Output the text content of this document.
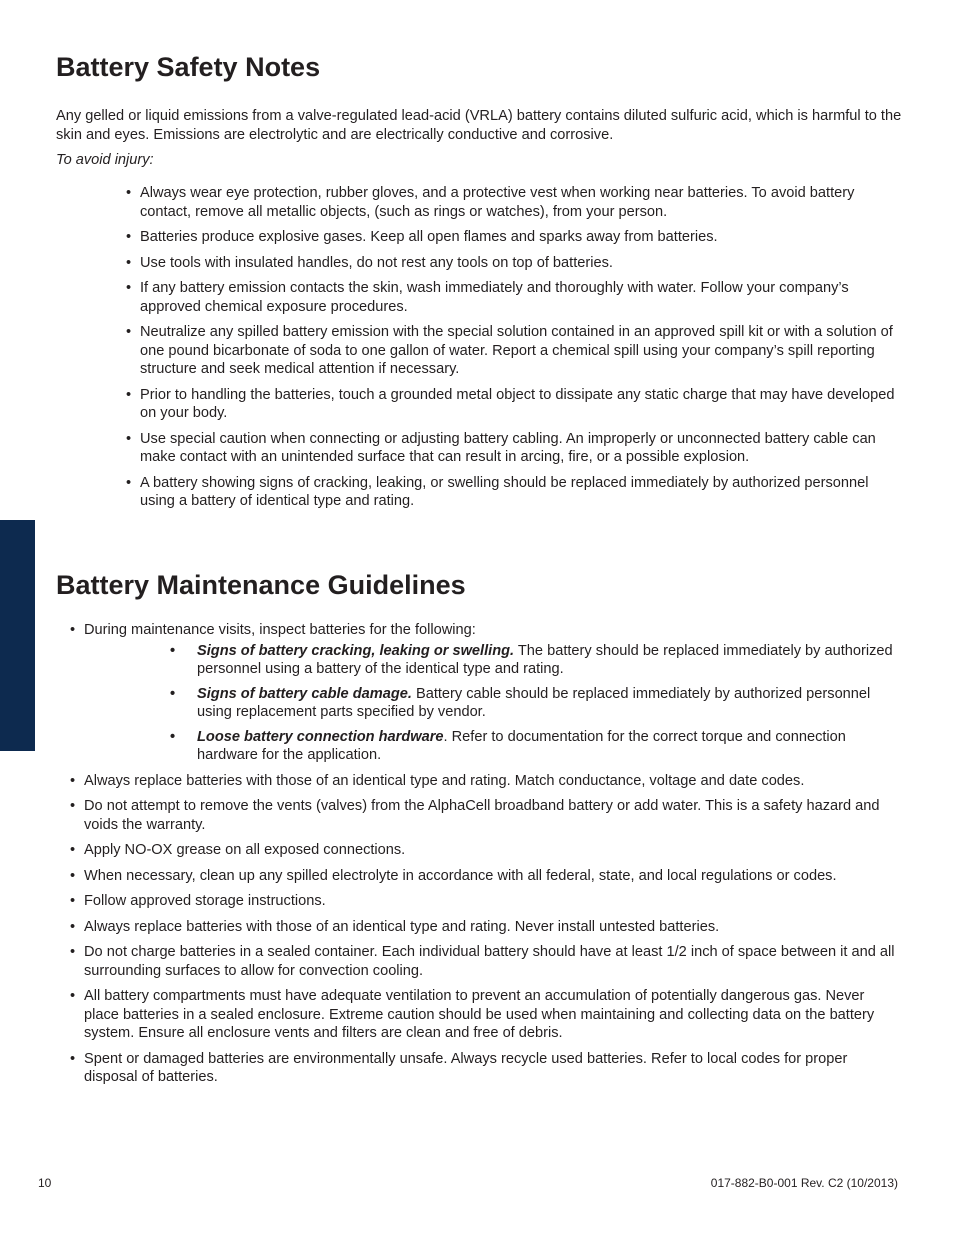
Battery Safety Notes

Any gelled or liquid emissions from a valve-regulated lead-acid (VRLA) battery contains diluted sulfuric acid, which is harmful to the skin and eyes. Emissions are electrolytic and are electrically conductive and corrosive.

To avoid injury:

• Always wear eye protection, rubber gloves, and a protective vest when working near batteries. To avoid battery contact, remove all metallic objects, (such as rings or watches), from your person.
• Batteries produce explosive gases. Keep all open flames and sparks away from batteries.
• Use tools with insulated handles, do not rest any tools on top of batteries.
• If any battery emission contacts the skin, wash immediately and thoroughly with water. Follow your company’s approved chemical exposure procedures.
• Neutralize any spilled battery emission with the special solution contained in an approved spill kit or with a solution of one pound bicarbonate of soda to one gallon of water. Report a chemical spill using your company’s spill reporting structure and seek medical attention if necessary.
• Prior to handling the batteries, touch a grounded metal object to dissipate any static charge that may have developed on your body.
• Use special caution when connecting or adjusting battery cabling. An improperly or unconnected battery cable can make contact with an unintended surface that can result in arcing, fire, or a possible explosion.
• A battery showing signs of cracking, leaking, or swelling should be replaced immediately by authorized personnel using a battery of identical type and rating.
Battery Maintenance Guidelines
• During maintenance visits, inspect batteries for the following:
• Signs of battery cracking, leaking or swelling. The battery should be replaced immediately by authorized personnel using a battery of the identical type and rating.
• Signs of battery cable damage. Battery cable should be replaced immediately by authorized personnel using replacement parts specified by vendor.
• Loose battery connection hardware. Refer to documentation for the correct torque and connection hardware for the application.
• Always replace batteries with those of an identical type and rating. Match conductance, voltage and date codes.
• Do not attempt to remove the vents (valves) from the AlphaCell broadband battery or add water. This is a safety hazard and voids the warranty.
• Apply NO-OX grease on all exposed connections.
• When necessary, clean up any spilled electrolyte in accordance with all federal, state, and local regulations or codes.
• Follow approved storage instructions.
• Always replace batteries with those of an identical type and rating. Never install untested batteries.
• Do not charge batteries in a sealed container. Each individual battery should have at least 1/2 inch of space between it and all surrounding surfaces to allow for convection cooling.
• All battery compartments must have adequate ventilation to prevent an accumulation of potentially dangerous gas. Never place batteries in a sealed enclosure. Extreme caution should be used when maintaining and collecting data on the battery system. Ensure all enclosure vents and filters are clean and free of debris.
• Spent or damaged batteries are environmentally unsafe. Always recycle used batteries. Refer to local codes for proper disposal of batteries.
10	017-882-B0-001 Rev. C2 (10/2013)
